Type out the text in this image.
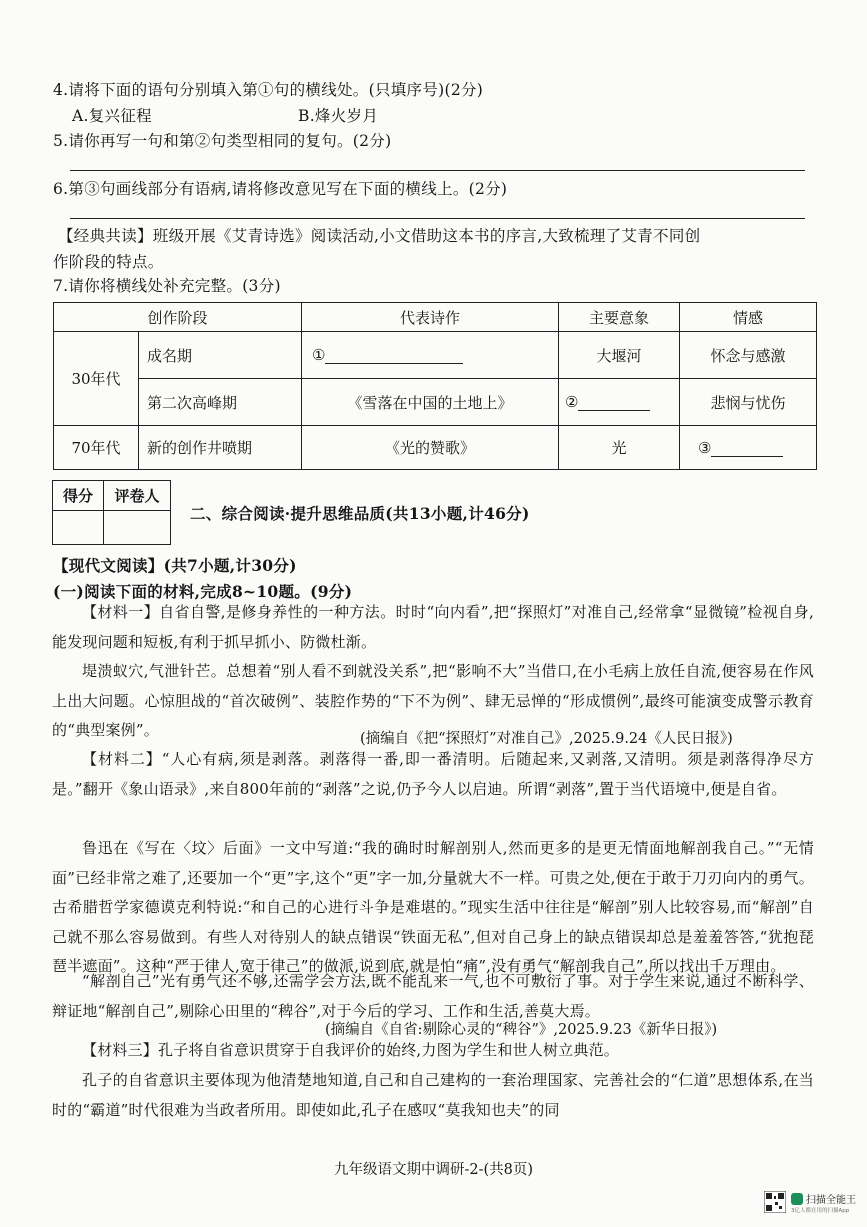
4.请将下面的语句分别填入第①句的横线处。(只填序号)(2分)
A.复兴征程	B.烽火岁月
5.请你再写一句和第②句类型相同的复句。(2分)
6.第③句画线部分有语病,请将修改意见写在下面的横线上。(2分)
【经典共读】班级开展《艾青诗选》阅读活动,小文借助这本书的序言,大致梳理了艾青不同创
作阶段的特点。
7.请你将横线处补充完整。(3分)
创作阶段		代表诗作	主要意象	情感
30年代	成名期	①	大堰河	怀念与感激
	第二次高峰期	《雪落在中国的土地上》	②	悲悯与忧伤
70年代	新的创作井喷期	《光的赞歌》	光	③
得分	评卷人

二、综合阅读·提升思维品质(共13小题,计46分)
【现代文阅读】(共7小题,计30分)
(一)阅读下面的材料,完成8~10题。(9分)
【材料一】自省自警,是修身养性的一种方法。时时“向内看”,把“探照灯”对准自己,经常拿“显微镜”检视自身,能发现问题和短板,有利于抓早抓小、防微杜渐。
堤溃蚁穴,气泄针芒。总想着“别人看不到就没关系”,把“影响不大”当借口,在小毛病上放任自流,便容易在作风上出大问题。心惊胆战的“首次破例”、装腔作势的“下不为例”、肆无忌惮的“形成惯例”,最终可能演变成警示教育的“典型案例”。	(摘编自《把“探照灯”对准自己》,2025.9.24《人民日报》)
【材料二】“人心有病,须是剥落。剥落得一番,即一番清明。后随起来,又剥落,又清明。须是剥落得净尽方是。”翻开《象山语录》,来自800年前的“剥落”之说,仍予今人以启迪。所谓“剥落”,置于当代语境中,便是自省。
鲁迅在《写在〈坟〉后面》一文中写道:“我的确时时解剖别人,然而更多的是更无情面地解剖我自己。”“无情面”已经非常之难了,还要加一个“更”字,这个“更”字一加,分量就大不一样。可贵之处,便在于敢于刀刃向内的勇气。古希腊哲学家德谟克利特说:“和自己的心进行斗争是难堪的。”现实生活中往往是“解剖”别人比较容易,而“解剖”自己就不那么容易做到。有些人对待别人的缺点错误“铁面无私”,但对自己身上的缺点错误却总是羞羞答答,“犹抱琵琶半遮面”。这种“严于律人,宽于律己”的做派,说到底,就是怕“痛”,没有勇气“解剖我自己”,所以找出千万理由。
“解剖自己”光有勇气还不够,还需学会方法,既不能乱来一气,也不可敷衍了事。对于学生来说,通过不断科学、辩证地“解剖自己”,剔除心田里的“稗谷”,对于今后的学习、工作和生活,善莫大焉。
(摘编自《自省:剔除心灵的“稗谷”》,2025.9.23《新华日报》)
【材料三】孔子将自省意识贯穿于自我评价的始终,力图为学生和世人树立典范。
孔子的自省意识主要体现为他清楚地知道,自己和自己建构的一套治理国家、完善社会的“仁道”思想体系,在当时的“霸道”时代很难为当政者所用。即使如此,孔子在感叹“莫我知也夫”的同
九年级语文期中调研-2-(共8页)
扫描全能王
3亿人都在用的扫描App
